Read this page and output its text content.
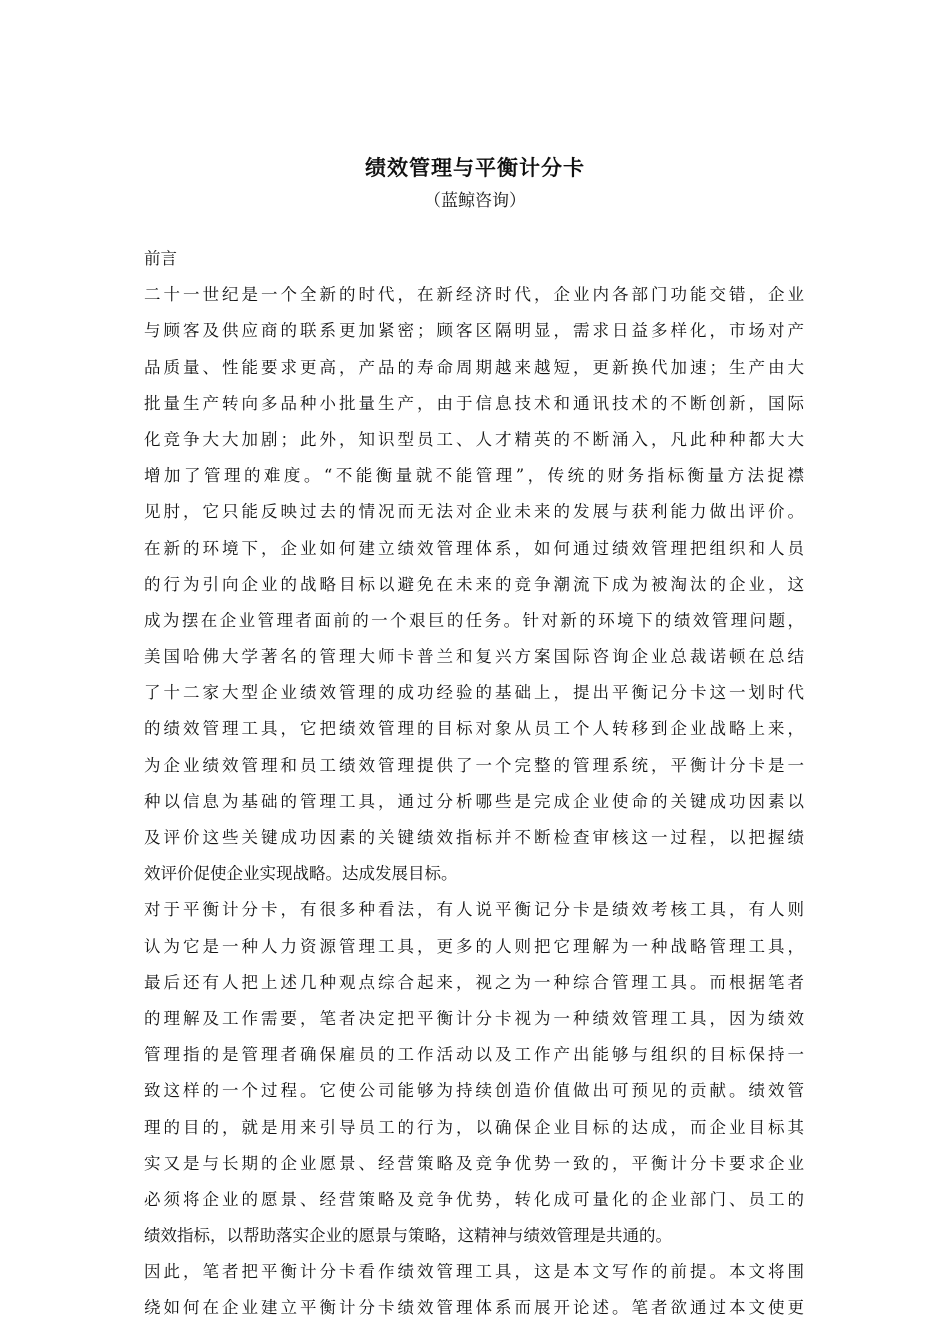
绩效管理与平衡计分卡
（蓝鲸咨询）
前言
二十一世纪是一个全新的时代，在新经济时代，企业内各部门功能交错，企业
与顾客及供应商的联系更加紧密；顾客区隔明显，需求日益多样化，市场对产
品质量、性能要求更高，产品的寿命周期越来越短，更新换代加速；生产由大
批量生产转向多品种小批量生产，由于信息技术和通讯技术的不断创新，国际
化竞争大大加剧；此外，知识型员工、人才精英的不断涌入，凡此种种都大大
增加了管理的难度。“不能衡量就不能管理”，传统的财务指标衡量方法捉襟
见肘，它只能反映过去的情况而无法对企业未来的发展与获利能力做出评价。
在新的环境下，企业如何建立绩效管理体系，如何通过绩效管理把组织和人员
的行为引向企业的战略目标以避免在未来的竞争潮流下成为被淘汰的企业，这
成为摆在企业管理者面前的一个艰巨的任务。针对新的环境下的绩效管理问题，
美国哈佛大学著名的管理大师卡普兰和复兴方案国际咨询企业总裁诺顿在总结
了十二家大型企业绩效管理的成功经验的基础上，提出平衡记分卡这一划时代
的绩效管理工具，它把绩效管理的目标对象从员工个人转移到企业战略上来，
为企业绩效管理和员工绩效管理提供了一个完整的管理系统，平衡计分卡是一
种以信息为基础的管理工具，通过分析哪些是完成企业使命的关键成功因素以
及评价这些关键成功因素的关键绩效指标并不断检查审核这一过程，以把握绩
效评价促使企业实现战略。达成发展目标。
对于平衡计分卡，有很多种看法，有人说平衡记分卡是绩效考核工具，有人则
认为它是一种人力资源管理工具，更多的人则把它理解为一种战略管理工具，
最后还有人把上述几种观点综合起来，视之为一种综合管理工具。而根据笔者
的理解及工作需要，笔者决定把平衡计分卡视为一种绩效管理工具，因为绩效
管理指的是管理者确保雇员的工作活动以及工作产出能够与组织的目标保持一
致这样的一个过程。它使公司能够为持续创造价值做出可预见的贡献。绩效管
理的目的，就是用来引导员工的行为，以确保企业目标的达成，而企业目标其
实又是与长期的企业愿景、经营策略及竞争优势一致的，平衡计分卡要求企业
必须将企业的愿景、经营策略及竞争优势，转化成可量化的企业部门、员工的
绩效指标，以帮助落实企业的愿景与策略，这精神与绩效管理是共通的。
因此，笔者把平衡计分卡看作绩效管理工具，这是本文写作的前提。本文将围
绕如何在企业建立平衡计分卡绩效管理体系而展开论述。笔者欲通过本文使更
